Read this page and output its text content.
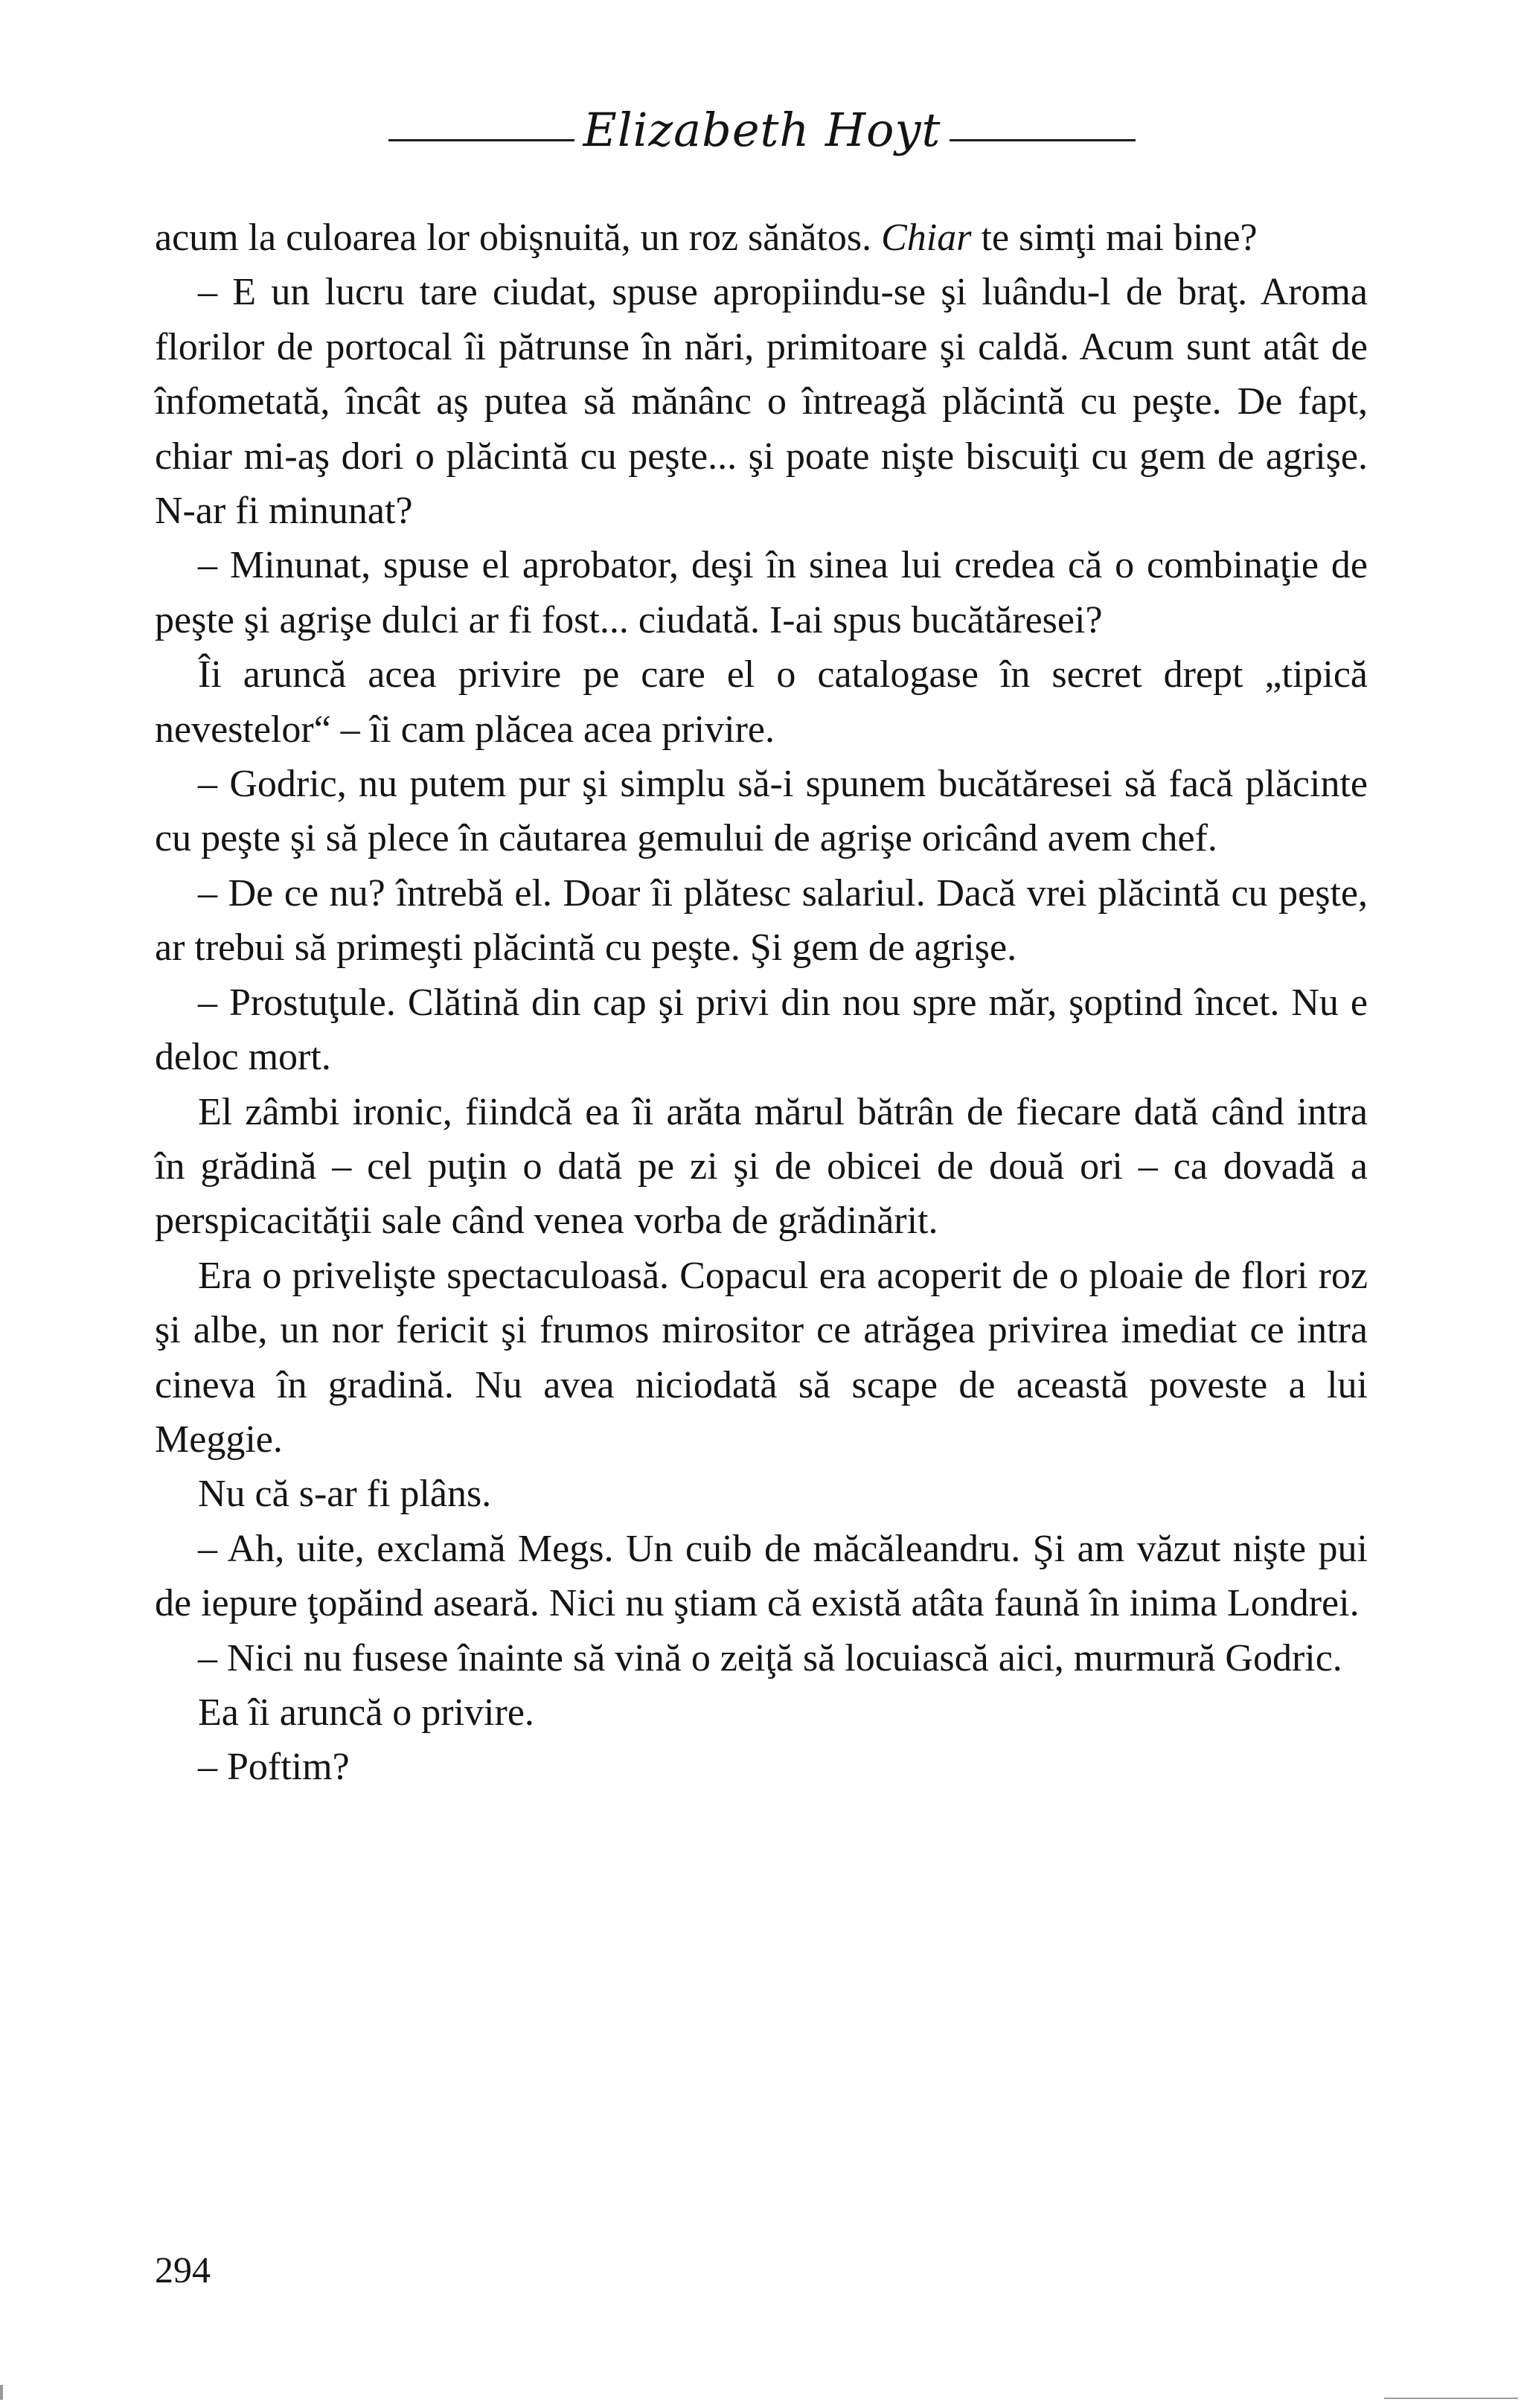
Elizabeth Hoyt

acum la culoarea lor obişnuită, un roz sănătos. Chiar te simţi mai bine?

– E un lucru tare ciudat, spuse apropiindu-se şi luându-l de braţ. Aroma florilor de portocal îi pătrunse în nări, primitoare şi caldă. Acum sunt atât de înfometată, încât aş putea să mănânc o întreagă plăcintă cu peşte. De fapt, chiar mi-aş dori o plăcintă cu peşte... şi poate nişte biscuiţi cu gem de agrişe. N-ar fi minunat?

– Minunat, spuse el aprobator, deşi în sinea lui credea că o combinaţie de peşte şi agrişe dulci ar fi fost... ciudată. I-ai spus bucătăresei?

Îi aruncă acea privire pe care el o catalogase în secret drept „tipică nevestelor“ – îi cam plăcea acea privire.

– Godric, nu putem pur şi simplu să-i spunem bucătăresei să facă plăcinte cu peşte şi să plece în căutarea gemului de agrişe oricând avem chef.

– De ce nu? întrebă el. Doar îi plătesc salariul. Dacă vrei plăcintă cu peşte, ar trebui să primeşti plăcintă cu peşte. Şi gem de agrişe.

– Prostuţule. Clătină din cap şi privi din nou spre măr, şoptind încet. Nu e deloc mort.

El zâmbi ironic, fiindcă ea îi arăta mărul bătrân de fiecare dată când intra în grădină – cel puţin o dată pe zi şi de obicei de două ori – ca dovadă a perspicacităţii sale când venea vorba de grădinărit.

Era o privelişte spectaculoasă. Copacul era acoperit de o ploaie de flori roz şi albe, un nor fericit şi frumos mirositor ce atrăgea privirea imediat ce intra cineva în gradină. Nu avea niciodată să scape de această poveste a lui Meggie.

Nu că s-ar fi plâns.

– Ah, uite, exclamă Megs. Un cuib de măcăleandru. Şi am văzut nişte pui de iepure ţopăind aseară. Nici nu ştiam că există atâta faună în inima Londrei.

– Nici nu fusese înainte să vină o zeiţă să locuiască aici, murmură Godric.

Ea îi aruncă o privire.

– Poftim?

294
